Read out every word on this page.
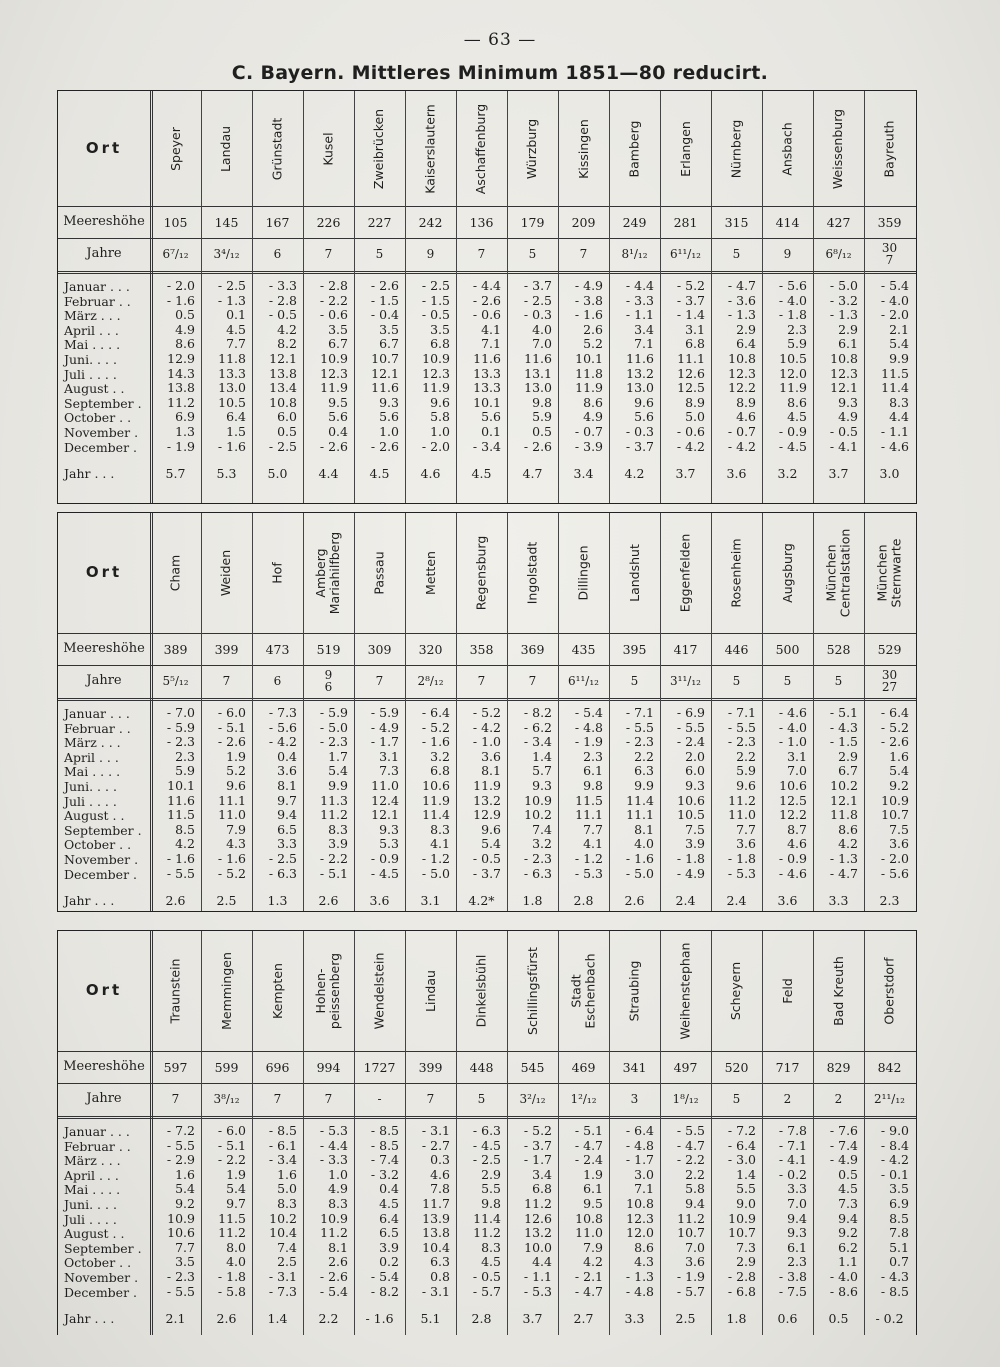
— 63 —
C. Bayern. Mittleres Minimum 1851—80 reducirt.
Ort
Meereshöhe
Jahre
Januar . . .
Februar . .
März . . .
April . . .
Mai . . . .
Juni. . . .
Juli . . . .
August . .
September .
October . .
November .
December .
Jahr . . .
Speyer
105
6⁷/₁₂
- 2.0
- 1.6
0.5
4.9
8.6
12.9
14.3
13.8
11.2
6.9
1.3
- 1.9
5.7
Landau
145
3⁴/₁₂
- 2.5
- 1.3
0.1
4.5
7.7
11.8
13.3
13.0
10.5
6.4
1.5
- 1.6
5.3
Grünstadt
167
6
- 3.3
- 2.8
- 0.5
4.2
8.2
12.1
13.8
13.4
10.8
6.0
0.5
- 2.5
5.0
Kusel
226
7
- 2.8
- 2.2
- 0.6
3.5
6.7
10.9
12.3
11.9
9.5
5.6
0.4
- 2.6
4.4
Zweibrücken
227
5
- 2.6
- 1.5
- 0.4
3.5
6.7
10.7
12.1
11.6
9.3
5.6
1.0
- 2.6
4.5
Kaiserslautern
242
9
- 2.5
- 1.5
- 0.5
3.5
6.8
10.9
12.3
11.9
9.6
5.8
1.0
- 2.0
4.6
Aschaffenburg
136
7
- 4.4
- 2.6
- 0.6
4.1
7.1
11.6
13.3
13.3
10.1
5.6
0.1
- 3.4
4.5
Würzburg
179
5
- 3.7
- 2.5
- 0.3
4.0
7.0
11.6
13.1
13.0
9.8
5.9
0.5
- 2.6
4.7
Kissingen
209
7
- 4.9
- 3.8
- 1.6
2.6
5.2
10.1
11.8
11.9
8.6
4.9
- 0.7
- 3.9
3.4
Bamberg
249
8¹/₁₂
- 4.4
- 3.3
- 1.1
3.4
7.1
11.6
13.2
13.0
9.6
5.6
- 0.3
- 3.7
4.2
Erlangen
281
6¹¹/₁₂
- 5.2
- 3.7
- 1.4
3.1
6.8
11.1
12.6
12.5
8.9
5.0
- 0.6
- 4.2
3.7
Nürnberg
315
5
- 4.7
- 3.6
- 1.3
2.9
6.4
10.8
12.3
12.2
8.9
4.6
- 0.7
- 4.2
3.6
Ansbach
414
9
- 5.6
- 4.0
- 1.8
2.3
5.9
10.5
12.0
11.9
8.6
4.5
- 0.9
- 4.5
3.2
Weissenburg
427
6⁸/₁₂
- 5.0
- 3.2
- 1.3
2.9
6.1
10.8
12.3
12.1
9.3
4.9
- 0.5
- 4.1
3.7
Bayreuth
359
30
7
- 5.4
- 4.0
- 2.0
2.1
5.4
9.9
11.5
11.4
8.3
4.4
- 1.1
- 4.6
3.0
Ort
Meereshöhe
Jahre
Januar . . .
Februar . .
März . . .
April . . .
Mai . . . .
Juni. . . .
Juli . . . .
August . .
September .
October . .
November .
December .
Jahr . . .
Cham
389
5⁵/₁₂
- 7.0
- 5.9
- 2.3
2.3
5.9
10.1
11.6
11.5
8.5
4.2
- 1.6
- 5.5
2.6
Weiden
399
7
- 6.0
- 5.1
- 2.6
1.9
5.2
9.6
11.1
11.0
7.9
4.3
- 1.6
- 5.2
2.5
Hof
473
6
- 7.3
- 5.6
- 4.2
0.4
3.6
8.1
9.7
9.4
6.5
3.3
- 2.5
- 6.3
1.3
Amberg
Mariahilfberg
519
9
6
- 5.9
- 5.0
- 2.3
1.7
5.4
9.9
11.3
11.2
8.3
3.9
- 2.2
- 5.1
2.6
Passau
309
7
- 5.9
- 4.9
- 1.7
3.1
7.3
11.0
12.4
12.1
9.3
5.3
- 0.9
- 4.5
3.6
Metten
320
2⁸/₁₂
- 6.4
- 5.2
- 1.6
3.2
6.8
10.6
11.9
11.4
8.3
4.1
- 1.2
- 5.0
3.1
Regensburg
358
7
- 5.2
- 4.2
- 1.0
3.6
8.1
11.9
13.2
12.9
9.6
5.4
- 0.5
- 3.7
4.2*
Ingolstadt
369
7
- 8.2
- 6.2
- 3.4
1.4
5.7
9.3
10.9
10.2
7.4
3.2
- 2.3
- 6.3
1.8
Dillingen
435
6¹¹/₁₂
- 5.4
- 4.8
- 1.9
2.3
6.1
9.8
11.5
11.1
7.7
4.1
- 1.2
- 5.3
2.8
Landshut
395
5
- 7.1
- 5.5
- 2.3
2.2
6.3
9.9
11.4
11.1
8.1
4.0
- 1.6
- 5.0
2.6
Eggenfelden
417
3¹¹/₁₂
- 6.9
- 5.5
- 2.4
2.0
6.0
9.3
10.6
10.5
7.5
3.9
- 1.8
- 4.9
2.4
Rosenheim
446
5
- 7.1
- 5.5
- 2.3
2.2
5.9
9.6
11.2
11.0
7.7
3.6
- 1.8
- 5.3
2.4
Augsburg
500
5
- 4.6
- 4.0
- 1.0
3.1
7.0
10.6
12.5
12.2
8.7
4.6
- 0.9
- 4.6
3.6
München
Centralstation
528
5
- 5.1
- 4.3
- 1.5
2.9
6.7
10.2
12.1
11.8
8.6
4.2
- 1.3
- 4.7
3.3
München
Sternwarte
529
30
27
- 6.4
- 5.2
- 2.6
1.6
5.4
9.2
10.9
10.7
7.5
3.6
- 2.0
- 5.6
2.3
Ort
Meereshöhe
Jahre
Januar . . .
Februar . .
März . . .
April . . .
Mai . . . .
Juni. . . .
Juli . . . .
August . .
September .
October . .
November .
December .
Jahr . . .
Traunstein
597
7
- 7.2
- 5.5
- 2.9
1.6
5.4
9.2
10.9
10.6
7.7
3.5
- 2.3
- 5.5
2.1
Memmingen
599
3⁸/₁₂
- 6.0
- 5.1
- 2.2
1.9
5.4
9.7
11.5
11.2
8.0
4.0
- 1.8
- 5.8
2.6
Kempten
696
7
- 8.5
- 6.1
- 3.4
1.6
5.0
8.3
10.2
10.4
7.4
2.5
- 3.1
- 7.3
1.4
Hohen-
peissenberg
994
7
- 5.3
- 4.4
- 3.3
1.0
4.9
8.3
10.9
11.2
8.1
2.6
- 2.6
- 5.4
2.2
Wendelstein
1727
-
- 8.5
- 8.5
- 7.4
- 3.2
0.4
4.5
6.4
6.5
3.9
0.2
- 5.4
- 8.2
- 1.6
Lindau
399
7
- 3.1
- 2.7
0.3
4.6
7.8
11.7
13.9
13.8
10.4
6.3
0.8
- 3.1
5.1
Dinkelsbühl
448
5
- 6.3
- 4.5
- 2.5
2.9
5.5
9.8
11.4
11.2
8.3
4.5
- 0.5
- 5.7
2.8
Schillingsfürst
545
3²/₁₂
- 5.2
- 3.7
- 1.7
3.4
6.8
11.2
12.6
13.2
10.0
4.4
- 1.1
- 5.3
3.7
Stadt
Eschenbach
469
1²/₁₂
- 5.1
- 4.7
- 2.4
1.9
6.1
9.5
10.8
11.0
7.9
4.2
- 2.1
- 4.7
2.7
Straubing
341
3
- 6.4
- 4.8
- 1.7
3.0
7.1
10.8
12.3
12.0
8.6
4.3
- 1.3
- 4.8
3.3
Weihenstephan
497
1⁸/₁₂
- 5.5
- 4.7
- 2.2
2.2
5.8
9.4
11.2
10.7
7.0
3.6
- 1.9
- 5.7
2.5
Scheyern
520
5
- 7.2
- 6.4
- 3.0
1.4
5.5
9.0
10.9
10.7
7.3
2.9
- 2.8
- 6.8
1.8
Feld
717
2
- 7.8
- 7.1
- 4.1
- 0.2
3.3
7.0
9.4
9.3
6.1
2.3
- 3.8
- 7.5
0.6
Bad Kreuth
829
2
- 7.6
- 7.4
- 4.9
0.5
4.5
7.3
9.4
9.2
6.2
1.1
- 4.0
- 8.6
0.5
Oberstdorf
842
2¹¹/₁₂
- 9.0
- 8.4
- 4.2
- 0.1
3.5
6.9
8.5
7.8
5.1
0.7
- 4.3
- 8.5
- 0.2
